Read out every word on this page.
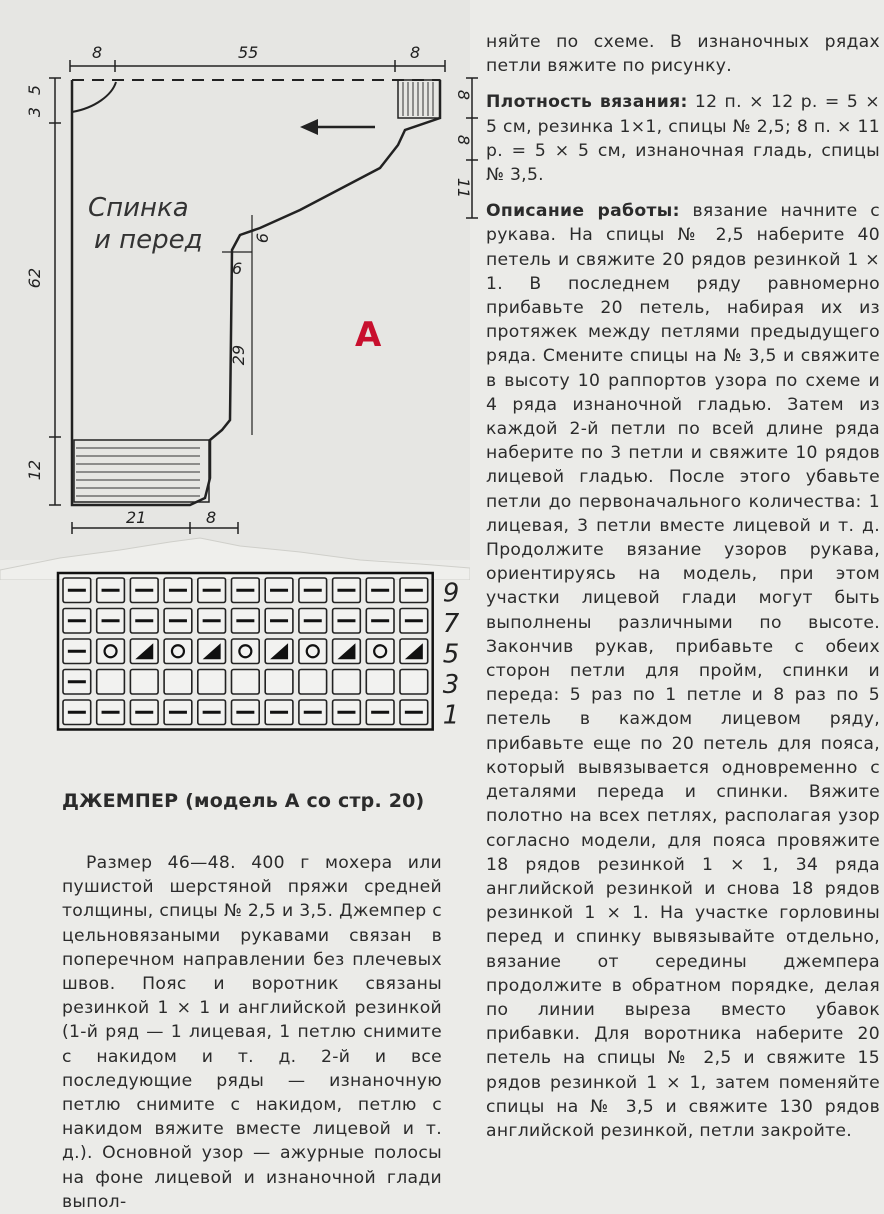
8	55	8
5
3
62
12
8
8
11
6
6
29
21	8
Спинка
и перед
A
9
7
5
3
1

няйте по схеме. В изнаночных рядах петли вяжите по рисунку.

Плотность вязания: 12 п. × 12 р. = 5 × 5 см, резинка 1×1, спицы № 2,5; 8 п. × 11 р. = 5 × 5 см, изнаночная гладь, спицы № 3,5.

Описание работы: вязание начните с рукава. На спицы № 2,5 наберите 40 петель и свяжите 20 рядов резинкой 1 × 1. В последнем ряду равномерно прибавьте 20 петель, набирая их из протяжек между петлями предыдущего ряда. Смените спицы на № 3,5 и свяжите в высоту 10 раппортов узора по схеме и 4 ряда изнаночной гладью. Затем из каждой 2-й петли по всей длине ряда наберите по 3 петли и свяжите 10 рядов лицевой гладью. После этого убавьте петли до первоначального количества: 1 лицевая, 3 петли вместе лицевой и т. д. Продолжите вязание узоров рукава, ориентируясь на модель, при этом участки лицевой глади могут быть выполнены различными по высоте. Закончив рукав, прибавьте с обеих сторон петли для пройм, спинки и переда: 5 раз по 1 петле и 8 раз по 5 петель в каждом лицевом ряду, прибавьте еще по 20 петель для пояса, который вывязывается одновременно с деталями переда и спинки. Вяжите полотно на всех петлях, располагая узор согласно модели, для пояса провяжите 18 рядов резинкой 1 × 1, 34 ряда английской резинкой и снова 18 рядов резинкой 1 × 1. На участке горловины перед и спинку вывязывайте отдельно, вязание от середины джемпера продолжите в обратном порядке, делая по линии выреза вместо убавок прибавки. Для воротника наберите 20 петель на спицы № 2,5 и свяжите 15 рядов резинкой 1 × 1, затем поменяйте спицы на № 3,5 и свяжите 130 рядов английской резинкой, петли закройте.

ДЖЕМПЕР (модель А со стр. 20)

Размер 46—48. 400 г мохера или пушистой шерстяной пряжи средней толщины, спицы № 2,5 и 3,5. Джемпер с цельновязаными рукавами связан в поперечном направлении без плечевых швов. Пояс и воротник связаны резинкой 1 × 1 и английской резинкой (1-й ряд — 1 лицевая, 1 петлю снимите с накидом и т. д. 2-й и все последующие ряды — изнаночную петлю снимите с накидом, петлю с накидом вяжите вместе лицевой и т. д.). Основной узор — ажурные полосы на фоне лицевой и изнаночной глади выпол-
